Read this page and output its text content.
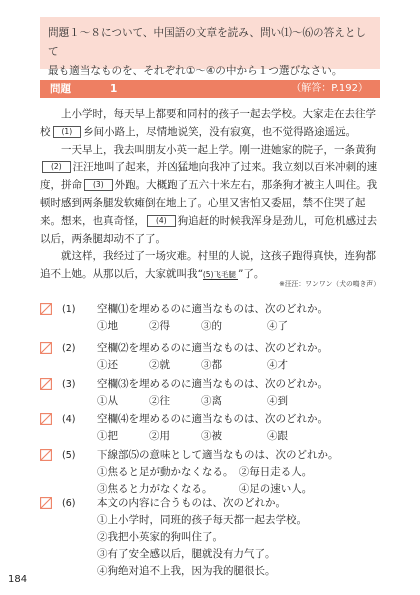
問題１～８について、中国語の文章を読み、問い⑴～⑹の答えとして
最も適当なものを、それぞれ①～④の中から１つ選びなさい。
問題	1	（解答：P.192）

上小学时，每天早上都要和同村的孩子一起去学校。大家走在去往学校 (1) 乡间小路上，尽情地说笑，没有寂寞，也不觉得路途遥远。

一天早上，我去叫朋友小英一起上学。刚一进她家的院子，一条黄狗(2) 汪汪地叫了起来，并凶猛地向我冲了过来。我立刻以百米冲刺的速度，拼命 (3) 外跑。大概跑了五六十米左右，那条狗才被主人叫住。我顿时感到两条腿发软瘫倒在地上了。心里又害怕又委屈，禁不住哭了起来。想来，也真奇怪， (4) 狗追赶的时候我浑身是劲儿，可危机感过去以后，两条腿却动不了了。

就这样，我经过了一场灾难。村里的人说，这孩子跑得真快，连狗都追不上她。从那以后，大家就叫我“(5)飞毛腿 ”了。

※汪汪：ワンワン（犬の鳴き声）
(1) 空欄⑴を埋めるのに適当なものは、次のどれか。
①地	②得	③的	④了
(2) 空欄⑵を埋めるのに適当なものは、次のどれか。
①还	②就	③都	④才
(3) 空欄⑶を埋めるのに適当なものは、次のどれか。
①从	②往	③离	④到
(4) 空欄⑷を埋めるのに適当なものは、次のどれか。
①把	②用	③被	④跟
(5) 下線部⑸の意味として適当なものは、次のどれか。
①焦ると足が動かなくなる。　②毎日走る人。
③焦ると力がなくなる。　　　④足の速い人。
(6) 本文の内容に合うものは、次のどれか。
①上小学时，同班的孩子每天都一起去学校。
②我把小英家的狗叫住了。
③有了安全感以后，腿就没有力气了。
④狗绝对追不上我，因为我的腿很长。
184
